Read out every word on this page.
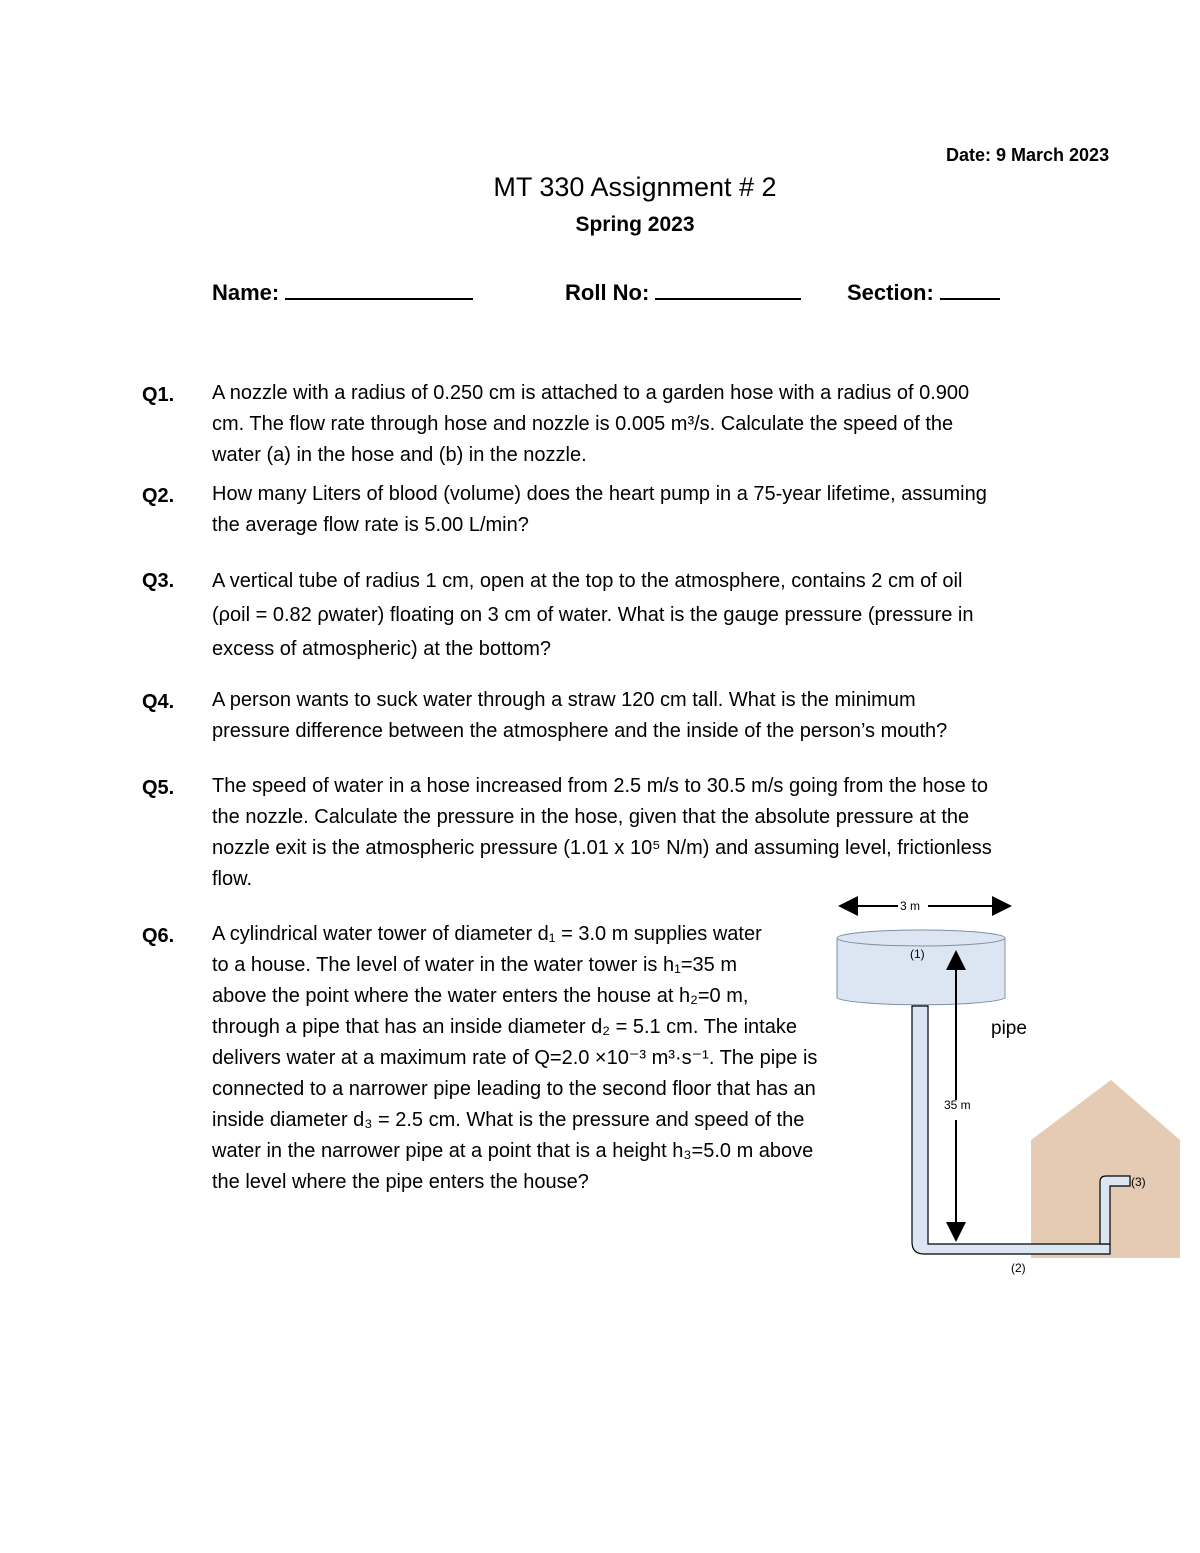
Date: 9 March 2023
MT 330 Assignment # 2
Spring 2023
Name:	Roll No:	Section:
Q1. A nozzle with a radius of 0.250 cm is attached to a garden hose with a radius of 0.900
cm. The flow rate through hose and nozzle is 0.005 m³/s. Calculate the speed of the
water (a) in the hose and (b) in the nozzle.
Q2. How many Liters of blood (volume) does the heart pump in a 75-year lifetime, assuming
the average flow rate is 5.00 L/min?
Q3. A vertical tube of radius 1 cm, open at the top to the atmosphere, contains 2 cm of oil
(ρoil = 0.82 ρwater) floating on 3 cm of water. What is the gauge pressure (pressure in
excess of atmospheric) at the bottom?
Q4. A person wants to suck water through a straw 120 cm tall. What is the minimum
pressure difference between the atmosphere and the inside of the person’s mouth?
Q5. The speed of water in a hose increased from 2.5 m/s to 30.5 m/s going from the hose to
the nozzle. Calculate the pressure in the hose, given that the absolute pressure at the
nozzle exit is the atmospheric pressure (1.01 x 10⁵ N/m) and assuming level, frictionless
flow.
Q6. A cylindrical water tower of diameter d₁ = 3.0 m supplies water
to a house. The level of water in the water tower is h₁=35 m
above the point where the water enters the house at h₂=0 m,
through a pipe that has an inside diameter d₂ = 5.1 cm. The intake
delivers water at a maximum rate of Q=2.0 ×10⁻³ m³·s⁻¹. The pipe is
connected to a narrower pipe leading to the second floor that has an
inside diameter d₃ = 2.5 cm. What is the pressure and speed of the
water in the narrower pipe at a point that is a height h₃=5.0 m above
the level where the pipe enters the house?
3 m
35 m
(1)
(2)
(3)
pipe
